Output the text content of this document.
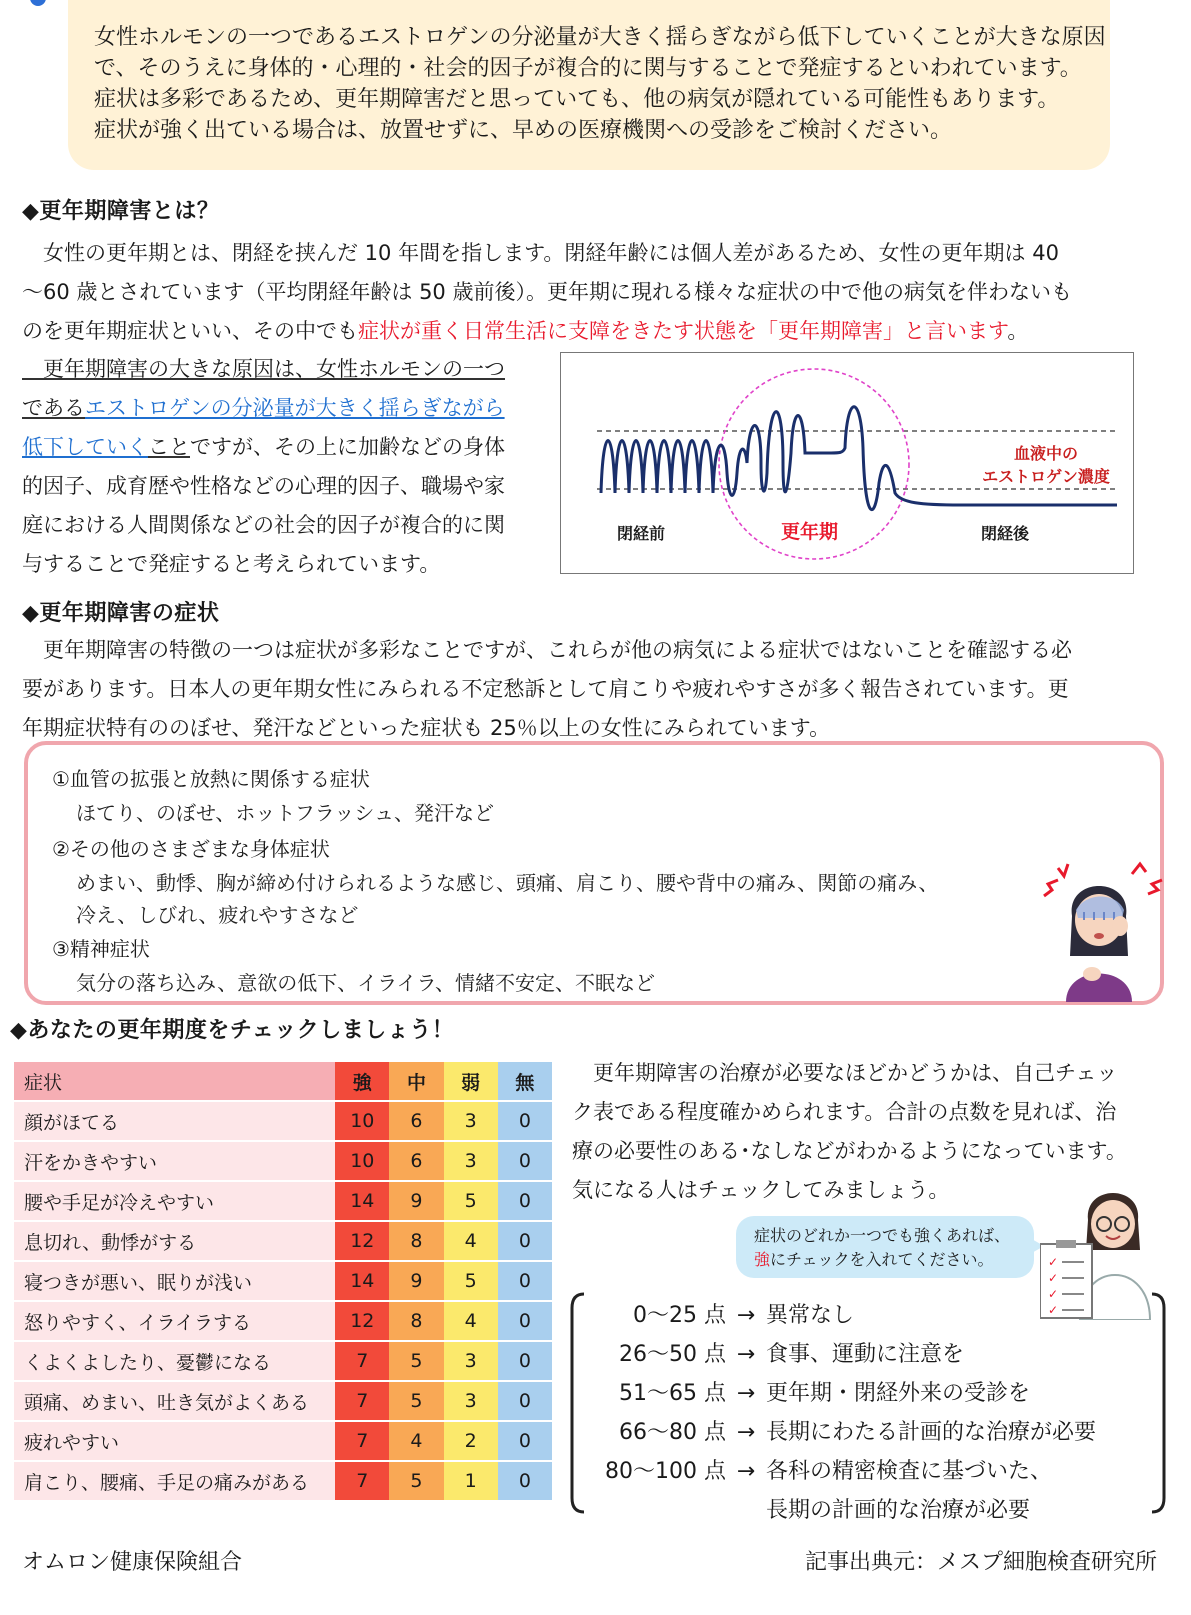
女性ホルモンの一つであるエストロゲンの分泌量が大きく揺らぎながら低下していくことが大きな原因

で、そのうえに身体的・心理的・社会的因子が複合的に関与することで発症するといわれています。

症状は多彩であるため、更年期障害だと思っていても、他の病気が隠れている可能性もあります。

症状が強く出ている場合は、放置せずに、早めの医療機関への受診をご検討ください。

◆更年期障害とは？
　女性の更年期とは、閉経を挟んだ 10 年間を指します。閉経年齢には個人差があるため、女性の更年期は 40
～60 歳とされています（平均閉経年齢は 50 歳前後）。更年期に現れる様々な症状の中で他の病気を伴わないも
のを更年期症状といい、その中でも症状が重く日常生活に支障をきたす状態を「更年期障害」と言います。
　更年期障害の大きな原因は、女性ホルモンの一つ
であるエストロゲンの分泌量が大きく揺らぎながら
低下していくことですが、その上に加齢などの身体
的因子、成育歴や性格などの心理的因子、職場や家
庭における人間関係などの社会的因子が複合的に関
与することで発症すると考えられています。
血液中の
エストロゲン濃度
閉経前	更年期	閉経後
◆更年期障害の症状
　更年期障害の特徴の一つは症状が多彩なことですが、これらが他の病気による症状ではないことを確認する必
要があります。日本人の更年期女性にみられる不定愁訴として肩こりや疲れやすさが多く報告されています。更
年期症状特有ののぼせ、発汗などといった症状も 25％以上の女性にみられています。
①血管の拡張と放熱に関係する症状
ほてり、のぼせ、ホットフラッシュ、発汗など
②その他のさまざまな身体症状
めまい、動悸、胸が締め付けられるような感じ、頭痛、肩こり、腰や背中の痛み、関節の痛み、
冷え、しびれ、疲れやすさなど
③精神症状
気分の落ち込み、意欲の低下、イライラ、情緒不安定、不眠など
◆あなたの更年期度をチェックしましょう！
症状	強	中	弱	無
顔がほてる	10	6	3	0
汗をかきやすい	10	6	3	0
腰や手足が冷えやすい	14	9	5	0
息切れ、動悸がする	12	8	4	0
寝つきが悪い、眠りが浅い	14	9	5	0
怒りやすく、イライラする	12	8	4	0
くよくよしたり、憂鬱になる	7	5	3	0
頭痛、めまい、吐き気がよくある	7	5	3	0
疲れやすい	7	4	2	0
肩こり、腰痛、手足の痛みがある	7	5	1	0
　更年期障害の治療が必要なほどかどうかは、自己チェッ
ク表である程度確かめられます。合計の点数を見れば、治
療の必要性のある･なしなどがわかるようになっています。
気になる人はチェックしてみましょう。
症状のどれか一つでも強くあれば、
強にチェックを入れてください。	✓
✓
✓
✓
0～25 点 → 異常なし
26～50 点 → 食事、運動に注意を
51～65 点 → 更年期・閉経外来の受診を
66～80 点 → 長期にわたる計画的な治療が必要
80～100 点 → 各科の精密検査に基づいた、
長期の計画的な治療が必要
オムロン健康保険組合	記事出典元：メスプ細胞検査研究所
